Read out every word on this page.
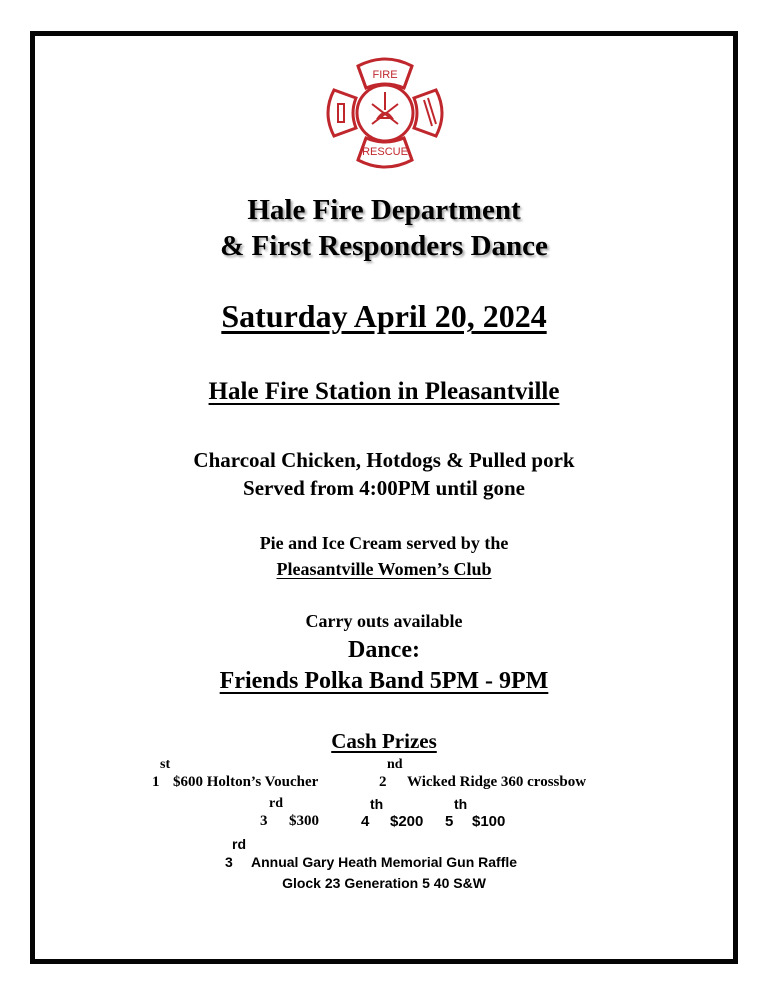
FIRE
RESCUE
Hale Fire Department
& First Responders Dance
Saturday April 20, 2024
Hale Fire Station in Pleasantville
Charcoal Chicken, Hotdogs & Pulled pork
Served from 4:00PM until gone
Pie and Ice Cream served by the
Pleasantville Women’s Club
Carry outs available
Dance:
Friends Polka Band 5PM - 9PM
Cash Prizes
st
1 $600 Holton’s Voucher
nd
2 Wicked Ridge 360 crossbow
rd
3 $300
th
4 $200
th
5 $100
rd
3 Annual Gary Heath Memorial Gun Raffle
Glock 23 Generation 5 40 S&W
